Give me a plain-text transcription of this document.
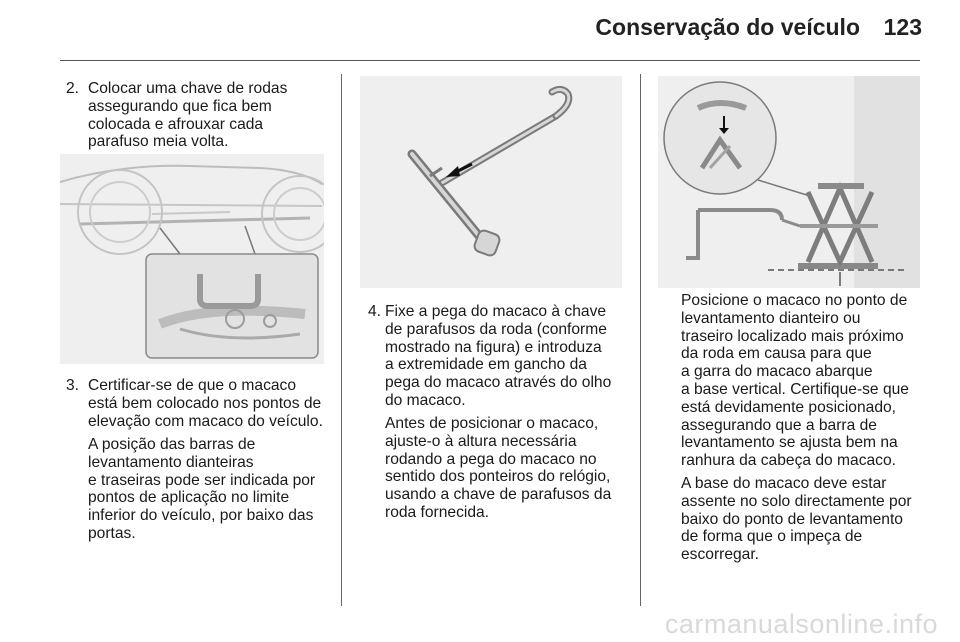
Conservação do veículo 123
2. Colocar uma chave de rodas
assegurando que fica bem
colocada e afrouxar cada
parafuso meia volta.
3. Certificar-se de que o macaco
está bem colocado nos pontos de
elevação com macaco do veículo.
A posição das barras de
levantamento dianteiras
e traseiras pode ser indicada por
pontos de aplicação no limite
inferior do veículo, por baixo das
portas.
4. Fixe a pega do macaco à chave
de parafusos da roda (conforme
mostrado na figura) e introduza
a extremidade em gancho da
pega do macaco através do olho
do macaco.
Antes de posicionar o macaco,
ajuste-o à altura necessária
rodando a pega do macaco no
sentido dos ponteiros do relógio,
usando a chave de parafusos da
roda fornecida.
Posicione o macaco no ponto de
levantamento dianteiro ou
traseiro localizado mais próximo
da roda em causa para que
a garra do macaco abarque
a base vertical. Certifique-se que
está devidamente posicionado,
assegurando que a barra de
levantamento se ajusta bem na
ranhura da cabeça do macaco.
A base do macaco deve estar
assente no solo directamente por
baixo do ponto de levantamento
de forma que o impeça de
escorregar.
carmanualsonline.info
